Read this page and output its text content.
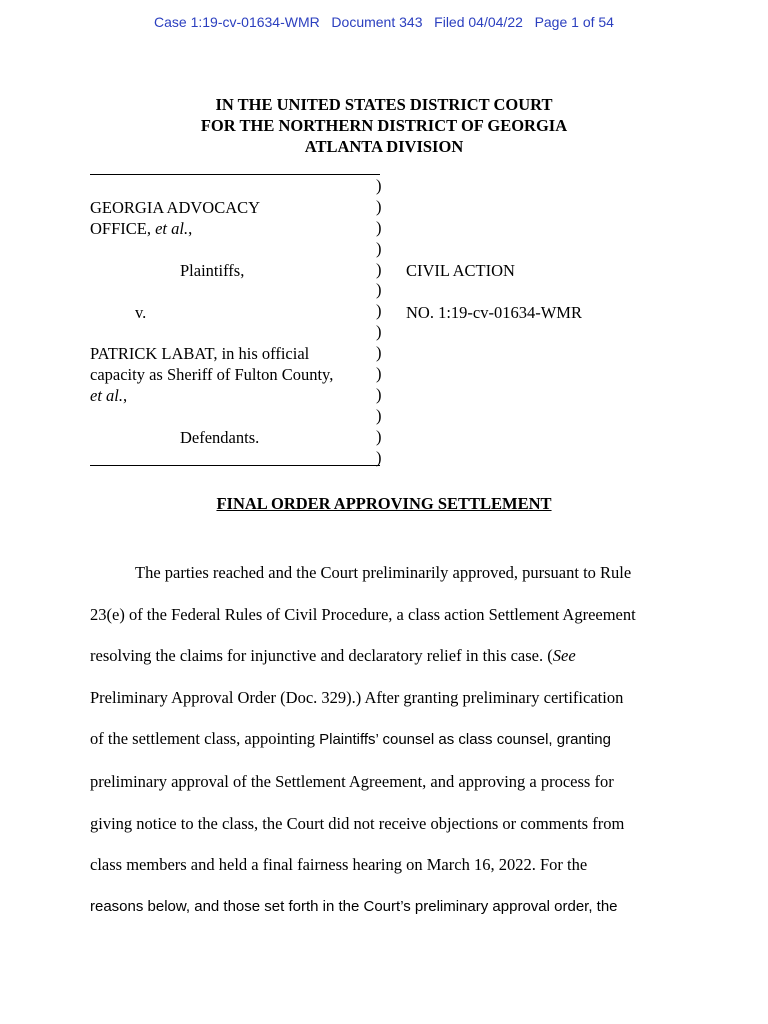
Case 1:19-cv-01634-WMR Document 343 Filed 04/04/22 Page 1 of 54
IN THE UNITED STATES DISTRICT COURT
FOR THE NORTHERN DISTRICT OF GEORGIA
ATLANTA DIVISION
GEORGIA ADVOCACY
OFFICE, et al.,
Plaintiffs,
v.
PATRICK LABAT, in his official
capacity as Sheriff of Fulton County,
et al.,
Defendants.
CIVIL ACTION
NO. 1:19-cv-01634-WMR
)
)
)
)
)
)
)
)
)
)
)
)
)
)
FINAL ORDER APPROVING SETTLEMENT
The parties reached and the Court preliminarily approved, pursuant to Rule
23(e) of the Federal Rules of Civil Procedure, a class action Settlement Agreement
resolving the claims for injunctive and declaratory relief in this case. (See
Preliminary Approval Order (Doc. 329).) After granting preliminary certification
of the settlement class, appointing Plaintiffs’ counsel as class counsel, granting
preliminary approval of the Settlement Agreement, and approving a process for
giving notice to the class, the Court did not receive objections or comments from
class members and held a final fairness hearing on March 16, 2022. For the
reasons below, and those set forth in the Court’s preliminary approval order, the
